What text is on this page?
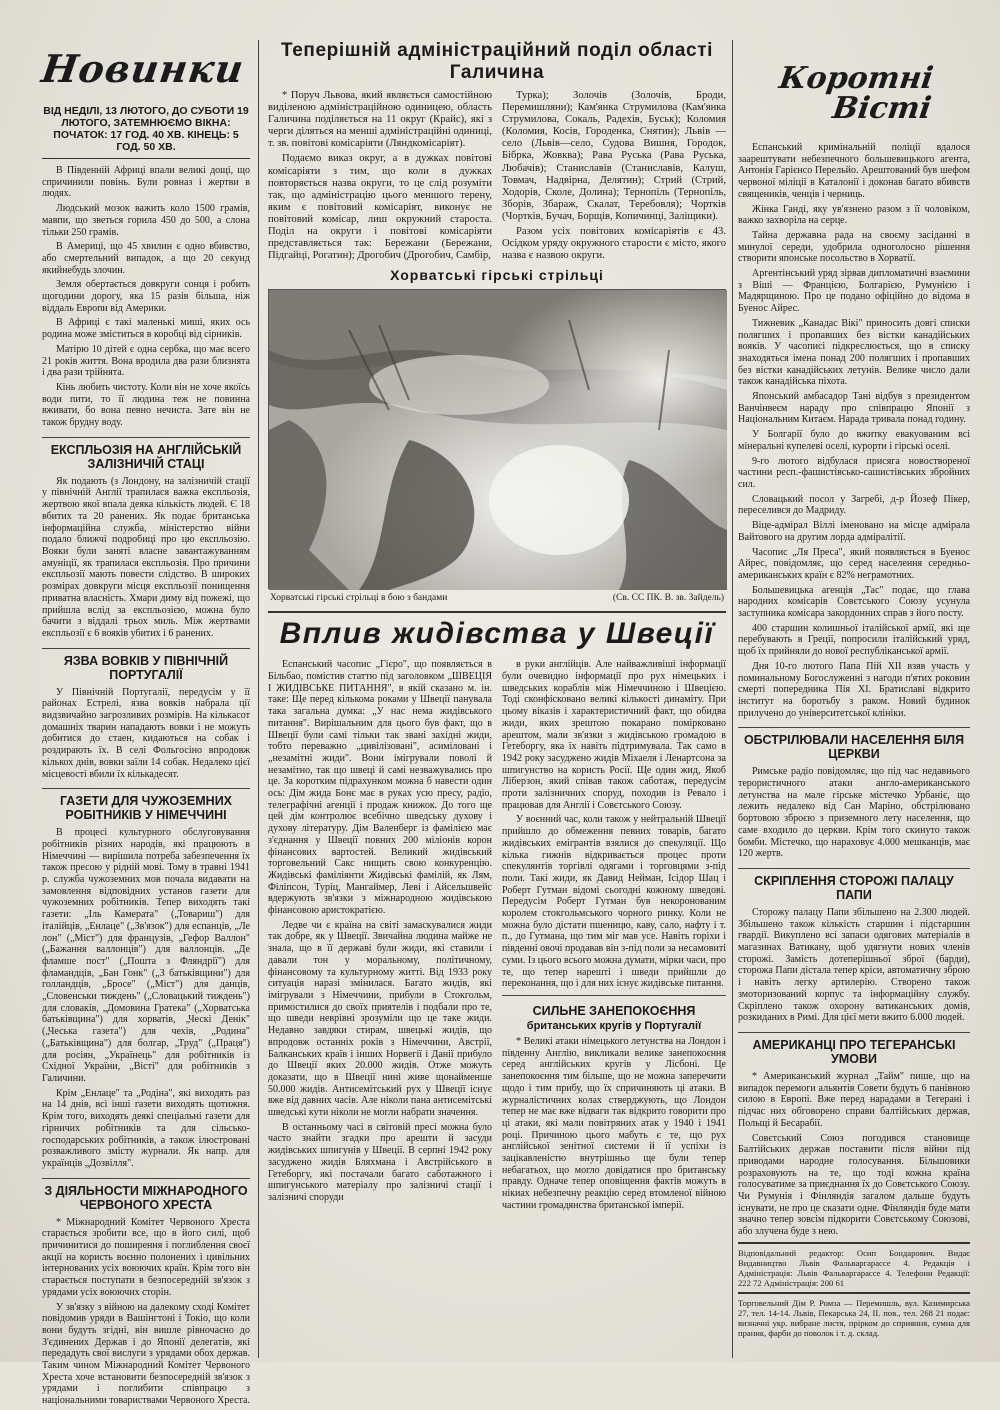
Новинки
ВІД НЕДІЛІ, 13 ЛЮТОГО, ДО СУБОТИ 19 ЛЮТОГО, ЗАТЕМНЮЄМО ВІКНА: ПОЧАТОК: 17 ГОД. 40 ХВ. КІНЕЦЬ: 5 ГОД. 50 ХВ.

В Південній Африці впали великі дощі, що спричинили повінь. Були ровназ і жертви в людях.

Людський мозок важить коло 1500 грамів, мавпи, що зветься горила 450 до 500, а слона тільки 250 грамів.

В Америці, що 45 хвилин є одно вбивство, або смертельний випадок, а що 20 секунд якийнебудь злочин.

Земля обертається довкруги сонця і робить щогодини дорогу, яка 15 разів більша, ніж віддаль Европи від Америки.

В Африці є такі маленькі миші, яких ось родина може зміститься в коробці від сірників.

Матірю 10 дітей є одна сербка, що має всего 21 років життя. Вона вродила два рази близнята і два рази трійнята.

Кінь любить чистоту. Коли він не хоче якоїсь води пити, то її людина теж не повинна вживати, бо вона певно нечиста. Зате він не також брудну воду.

ЕКСПЛЬОЗІЯ НА АНГЛІЙСЬКІЙ ЗАЛІЗНИЧІЙ СТАЦІ

Як подають (з Лондону, на залізничій стації у північній Англії трапилася важка експльозія, жертвою якої впала деяка кількість людей. Є 18 вбитих та 20 ранених. Як подає британська інформаційна служба, міністерство війни подало ближчі подробиці про цю експльозію. Вояки були заняті власне завантажуванням амуніції, як трапилася експльозія. Про причини експльозії мають повести слідство. В широких розмірах довкруги місця експльозії понищення приватна власність. Хмари диму від пожежі, що прийшла вслід за експльозією, можна було бачити з віддалі трьох миль. Між жертвами експльозії є 6 вояків убитих і 6 ранених.

ЯЗВА ВОВКІВ У ПІВНІЧНІЙ ПОРТУГАЛІЇ

У Північній Португалії, передусім у її районах Естрелі, язва вовків набрала ції видзвичайно загрозливих розмірів. На кількасот домашніх тварин нападають вовки і не можуть добитися до стаен, кидаються на собак і роздирають їх. В селі Фольгосіно впродовж кількох днів, вовки заїли 14 собак. Недалеко цієї місцевості вбили їх кількадесят.

ГАЗЕТИ ДЛЯ ЧУЖОЗЕМНИХ РОБІТНИКІВ У НІМЕЧЧИНІ

В процесі культурного обслуговування робітників різних народів, які працюють в Німеччині — вирішила потреба забезпечення їх також пресою у рідній мові. Тому в травні 1941 р. служба чужоземних мов почала видавати на замовлення відповідних установ газети для чужоземних робітників. Тепер виходять такі газети: „Іль Камерата" („Товариш") для італійців, „Енлаце" („Зв'язок") для еспанців, „Ле лон" („Міст") для французів, „Гефор Валлон" („Бажання валлонців") для валлонців. „Де фламше пост" („Пошта з Фляндрії") для фламандців, „Бан Гонк" („З батьківщини") для голландців, „Бросе" („Міст") для данців, „Словенськи тиждень" („Словацький тиждень") для словаків, „Домовина Гратека" („Хорватська батьківщина") для хорватів, „Ческі Денік" („Чеська газета") для чехів, „Родина" („Батьківщина") для болгар, „Труд" („Праця") для росіян, „Українець" для робітників із Східної України, „Вісті" для робітників з Галичини.

Крім „Енлаце" та „Родіна", які виходять раз на 14 днів, всі інші газети виходять щотижня. Крім того, виходять деякі спеціальні газети для гірничих робітників та для сільсько-господарських робітників, а також ілюстровані розважливого змісту журнали. Як напр. для українців „Дозвілля".

З ДІЯЛЬНОСТИ МІЖНАРОДНОГО ЧЕРВОНОГО ХРЕСТА

* Міжнародний Комітет Червоного Хреста старається зробити все, що в його силі, щоб причинитися до поширення і поглиблення своєї акції на користь воєнно полонених і цивільних інтернованих усіх воюючих країн. Крім того він старається поступати в безпосередній зв'язок з урядами усіх воюючих сторін.

У зв'язку з війною на далекому сході Комітет повідомив уряди в Вашінгтоні і Токіо, що коли вони будуть згідні, він вишле рівночасно до З'єдинених Держав і до Японії делегатів, які передадуть свої вислуги з урядами обох держав. Таким чином Міжнародний Комітет Червоного Хреста хоче встановити безпосередній зв'язок з урядами і поглибити співпрацю з національними товариствами Червоного Хреста.

Теперішній адміністраційний поділ області Галичина

* Поруч Львова, який являється самостійною виділеною адміністраційною одиницею, область Галичина поділяється на 11 округ (Крайс), які з черги діляться на менші адміністраційні одиниці, т. зв. повітові комісаріяти (Ляндкомісаріят).

Подаємо виказ округ, а в дужках повітові комісаріяти з тим, що коли в дужках повторяється назва округи, то це слід розуміти так, що адміністрацію цього меншого терену, яким є повітовий комісаріят, виконує не повітовий комісар, лиш окружний староста. Поділ на округи і повітові комісаріяти представляється так: Бережани (Бережани, Підгайці, Рогатин); Дрогобич (Дрогобич, Самбір,

Турка); Золочів (Золочів, Броди, Перемишляни); Кам'янка Струмилова (Кам'янка Струмилова, Сокаль, Радехів, Буськ); Коломия (Коломия, Косів, Городенка, Снятин); Львів — село (Львів—село, Судова Вишня, Городок, Бібрка, Жовква); Рава Руська (Рава Руська, Любачів); Станиславів (Станиславів, Калуш, Товмач, Надвірна, Делятин); Стрий (Стрий, Ходорів, Сколе, Долина); Тернопіль (Тернопіль, Зборів, Збараж, Скалат, Теребовля); Чортків (Чортків, Бучач, Борщів, Копичинці, Заліщики).

Разом усіх повітових комісаріятів є 43. Осідком уряду окружного старости є місто, якого назва є назвою округи.

Хорватські гірські стрільці
Хорватські гірські стрільці в бою з бандами	(Св. СС ПК. В. зв. Зайдель)
Вплив жидівства у Швеції

Еспанський часопис „Гієро", що появляється в Більбао, помістив статтю під заголовком „ШВЕЦІЯ І ЖИДІВСЬКЕ ПИТАННЯ", в якій сказано м. ін. таке: Ще перед кількома роками у Швеції панувала така загальна думка: „У нас нема жидівського питання". Вирішальним для цього був факт, що в Швеції були самі тільки так звані західні жиди, тобто переважно „цивілізовані", асиміловані і „незамітні жиди". Вони імігрували поволі й незамітно, так що швеці й самі незважувались про це. За коротким підрахунком можна б навести один ось: Дім жида Бонє має в руках усю пресу, радіо, телеграфічні агенції і продаж книжок. До того ще цей дім контролює всебічно шведську духову і духову літературу. Дім Валенберг із фамілією має з'єднання у Швеції повних 200 міліонів корон фінансових вартостей. Великий жидівський торговельний Сакс нищить свою конкуренцію. Жидівські фаміліянти Жидівські фамілій, як Лям, Філіпсон, Туріц, Мангаймер, Леві і Айсельшвейс вдержують зв'язки з міжнародною жидівською фінансовою аристократією.

Ледве чи є країна на світі замаскувалися жиди так добре, як у Швеції. Звичайна людина майже не знала, що в її державі були жиди, які ставили і давали тон у моральному, політичному, фінансовому та культурному житті. Від 1933 року ситуація наразі змінилася. Багато жидів, які імігрували з Німеччини, прибули в Стокгольм, примостилися до своїх приятелів і подбали про те, що шведи неврівні зрозуміли що це таке жиди. Недавно завдяки стирам, швецькі жидів, що впродовж останніх років з Німеччини, Австрії, Балканських країв і інших Норвегії і Данії прибуло до Швеції яких 20.000 жидів. Отже можуть доказати, що в Швеції нині живе щонайменше 50.000 жидів. Антисемітський рух у Швеції існує вже від давних часів. Але ніколи пана антисемітські шведські кути ніколи не могли набрати значення.

В останньому часі в світовій пресі можна було часто знайти згадки про арешти й засуди жидівських шпигунів у Швеції. В серпні 1942 року засуджено жидів Бляхмана і Австрійського в Гетеборгу, які постачали багато саботажного і шпигунського матеріалу про залізничі стації і залізничі споруди

в руки англійців. Але найважливіші інформації були очевидно інформації про рух німецьких і шведських кораблів між Німеччиною і Швецією. Тоді сконфісковано великі кількості динаміту. При цьому віказів і характеристичний факт, що обидва жиди, яких зрештою покарано помірковано арештом, мали зв'язки з жидівською громадою в Гетеборгу, яка їх навіть підтримувала. Так само в 1942 року засуджено жидів Міхаеля і Ленартсона за шпигунство на користь Росії. Ще один жид, Якоб Ліберзон, який співав також саботаж, передусім проти залізничних споруд, походив із Ревало і працював для Англії і Совєтського Союзу.

У воєнний час, коли також у нейтральній Швеції прийшло до обмеження певних товарів, багато жидівських емігрантів взялися до спекуляції. Що кілька гижнів відкривається процес проти спекулянтів торгівлі одягами і торговцями з-під поли. Такі жиди, як Давид Нейман, Ісідор Шац і Роберт Гутман відомі сьогодні кожному шведові. Передусім Роберт Гутман був некоронованим королем стокгольмського чорного ринку. Коли не можна було дістати пшеницю, каву, сало, нафту і т. п., до Гутмана, що тим міг мав усе. Навіть горіхи і південні овочі продавав він з-під поли за несамовиті суми. Із цього всього можна думати, мірки часи, про те, що тепер нарешті і шведи прийшли до переконання, що і для них існує жидівське питання.

СИЛЬНЕ ЗАНЕПОКОЄННЯ
британських кругів у Португалії

* Великі атаки німецького летунства на Лондон і південну Англію, викликали велике занепокоєння серед англійських кругів у Лісбоні. Це занепокоєння тим більше, що не можна заперечити щодо і тим прибу, що їх спричиняють ці атаки. В журналістичних колах стверджують, що Лондон тепер не має вже відваги так відкрито говорити про ці атаки, які мали повітряних атак у 1940 і 1941 році. Причиною цього мабуть є те, що рух англійської зенітної системи й її успіхи із зацікавленістю внутрішньо ще були тепер небагатьох, що могло довідатися про британську правду. Одначе тепер оповіщення фактів можуть в нікиах небезпечну реакцію серед втомленої війною частини громадянства британської імперії.

Коротні
Вісті

Еспанський кримінальній поліції вдалося заарештувати небезпечного большевицького агента, Антонія Гарієнсо Перельйо. Арештований був шефом червоної міліції в Каталонії і доконав багато вбивств священиків, ченців і черниць.

Жінка Ганді, яку ув'язнено разом з її чоловіком, важко захворіла на серце.

Тайна державна рада на своєму засіданні в минулої середи, удобрила одноголосно рішення створити японське посольство в Хорватії.

Аргентінський уряд зірвав дипломатичні взаємини з Віші — Францією, Болгарією, Румунією і Мадярщиною. Про це подано офіційно до відома в Буенос Айрес.

Тижневик „Канадас Вікі" приносить довгі списки полягших і пропавших без вістки канадійських вояків. У часописі підкреслюється, що в списку знаходяться імена понад 200 полягших і пропавших без вістки канадійських летунів. Велике число дали також канадійська піхота.

Японський амбасадор Тані відбув з президентом Ванчінвеєм нараду про співпрацю Японії з Національним Китаєм. Нарада тривала понад годину.

У Болгарії було до вжитку евакуованим всі мінеральні купелеві оселі, курорти і гірські оселі.

9-го лютого відбулася присяга новоствореної частини респ.-фашистівсько-сашистівських збройних сил.

Словацький посол у Загребі, д-р Йозеф Пікер, переселився до Мадриду.

Віце-адмірал Віллі іменовано на місце адмірала Вайтового на другим лорда адміралітії.

Часопис „Ля Преса", який появляється в Буенос Айрес, повідомляє, що серед населення середньо-американських країн є 82% неграмотних.

Большевицька агенція „Тас" подає, що глава народних комісарів Совєтського Союзу усунула заступника комісара закордонних справ з його посту.

400 старшин колишньої італійської армії, які ще перебувають в Греції, попросили італійський уряд, щоб їх прийняли до нової республіканської армії.

Дня 10-го лютого Папа Пій XII взяв участь у поминальному Богослуженні з нагоди п'ятих роковин смерті попередника Пія XI. Братиславі відкрито інститут на боротьбу з раком. Новий будинок прилучено до університетської клініки.

ОБСТРІЛЮВАЛИ НАСЕЛЕННЯ БІЛЯ ЦЕРКВИ

Римське радіо повідомляє, що під час недавнього терористичного атаки англо-американського летунства на мале гірське містечко Урбаніє, що лежить недалеко від Сан Маріно, обстрілювано бортовою зброєю з приземного лету населення, що саме входило до церкви. Крім того скинуто також бомби. Містечко, що нараховує 4.000 мешканців, має 120 жертв.

СКРІПЛЕННЯ СТОРОЖІ ПАЛАЦУ ПАПИ

Сторожу палацу Папи збільшено на 2.300 людей. Збільшено також кількість старшин і підстаршин гвардії. Викуплено всі запаси одягових матеріалів в магазинах Ватикану, щоб удягнути нових членів сторожі. Замість дотеперішньої зброї (барди), сторожа Папи дістала тепер кріси, автоматичну зброю і навіть легку артилерію. Створено також змоторизований корпус та інформаційну службу. Скріплено також охорону ватиканських домів, розкиданих в Римі. Для цієї мети вжито 6.000 людей.

АМЕРИКАНЦІ ПРО ТЕГЕРАНСЬКІ УМОВИ

* Американський журнал „Тайм" пише, що на випадок перемоги альянтів Совети будуть 6 панівною силою в Европі. Вже перед нарадами в Тегерані і підчас них обговорено справи балтійських держав, Польщі й Бесарабії.

Совєтський Союз погодився становище Балтійських держав поставити після війни під приводами народне голосування. Більшовики розраховують на те, що тоді кожна країна голосуватиме за приєднання їх до Совєтського Союзу. Чи Румунія і Фінляндія загалом дальше будуть існувати, не про це сказати одне. Фінляндія буде мати значно тепер зовсім підкорити Совєтському Союзові, або злучена буде з нею.

Відповідальний редактор: Осип Бондарович. Видає Видавництво Львів Фальваргарассе 4. Редакція і Адміністрація: Львів Фальваргарассе 4. Телефони Редакції: 222 72 Адміністрація: 200 61
Торговельний Дім Р. Ромза — Перемишль, вул. Казимирська 27, тел. 14-14. Львів, Пекарська 24, ІІ. пов., тел. 268 21 подає: визначні укр. вибране листя, прірком до сприяння, сумна для праник, фарби до поволок і т. д. склад.
